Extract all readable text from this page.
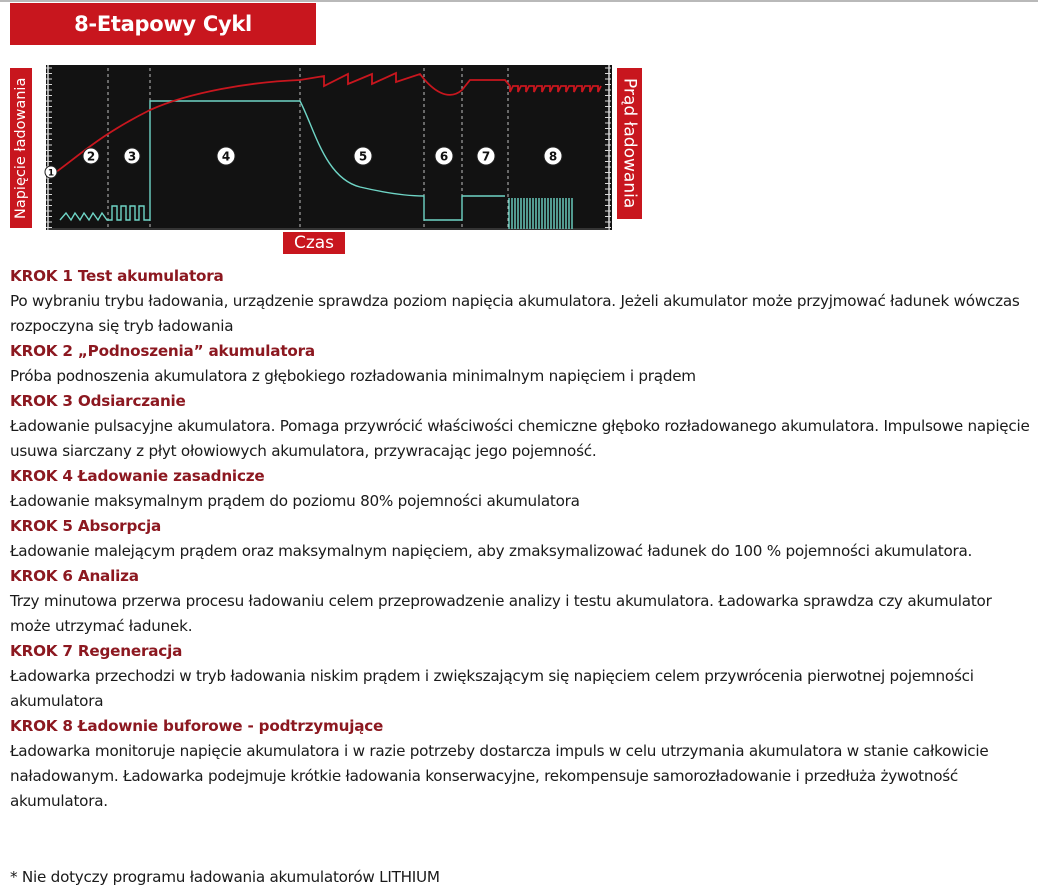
8-Etapowy Cykl
1
2	3	4	5	6	7	8
Napięcie ładowania	Prąd ładowania
Czas

KROK 1 Test akumulatora

Po wybraniu trybu ładowania, urządzenie sprawdza poziom napięcia akumulatora. Jeżeli akumulator może przyjmować ładunek wówczas rozpoczyna się tryb ładowania

KROK 2 „Podnoszenia” akumulatora

Próba podnoszenia akumulatora z głębokiego rozładowania minimalnym napięciem i prądem

KROK 3 Odsiarczanie

Ładowanie pulsacyjne akumulatora. Pomaga przywrócić właściwości chemiczne głęboko rozładowanego akumulatora. Impulsowe napięcie usuwa siarczany z płyt ołowiowych akumulatora, przywracając jego pojemność.

KROK 4 Ładowanie zasadnicze

Ładowanie maksymalnym prądem do poziomu 80% pojemności akumulatora

KROK 5 Absorpcja

Ładowanie malejącym prądem oraz maksymalnym napięciem, aby zmaksymalizować ładunek do 100 % pojemności akumulatora.

KROK 6 Analiza

Trzy minutowa przerwa procesu ładowaniu celem przeprowadzenie analizy i testu akumulatora. Ładowarka sprawdza czy akumulator może utrzymać ładunek.

KROK 7 Regeneracja

Ładowarka przechodzi w tryb ładowania niskim prądem i zwiększającym się napięciem celem przywrócenia pierwotnej pojemności akumulatora

KROK 8 Ładownie buforowe - podtrzymujące

Ładowarka monitoruje napięcie akumulatora i w razie potrzeby dostarcza impuls w celu utrzymania akumulatora w stanie całkowicie naładowanym. Ładowarka podejmuje krótkie ładowania konserwacyjne, rekompensuje samorozładowanie i przedłuża żywotność akumulatora.

* Nie dotyczy programu ładowania akumulatorów LITHIUM
